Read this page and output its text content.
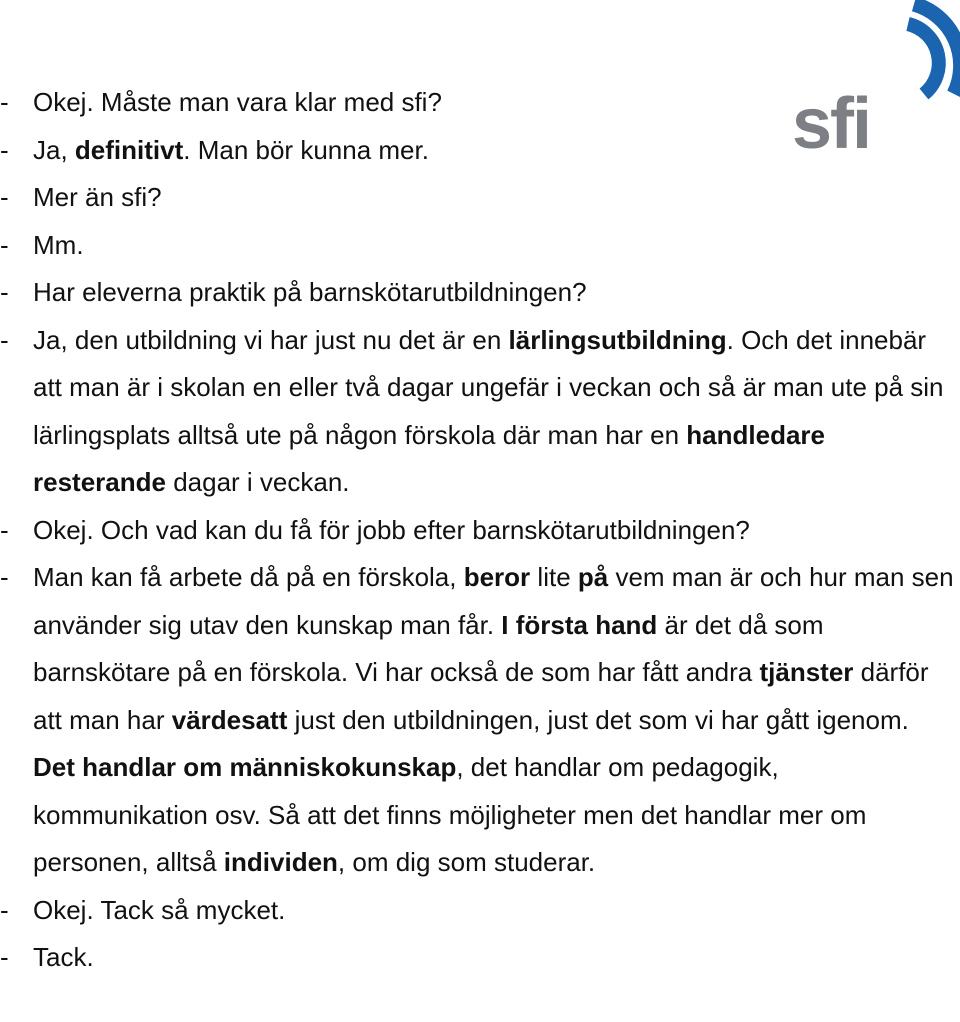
sfi
- Okej. Måste man vara klar med sfi?
- Ja, definitivt. Man bör kunna mer.
- Mer än sfi?
- Mm.
- Har eleverna praktik på barnskötarutbildningen?
- Ja, den utbildning vi har just nu det är en lärlingsutbildning. Och det innebär att man är i skolan en eller två dagar ungefär i veckan och så är man ute på sin lärlingsplats alltså ute på någon förskola där man har en handledare resterande dagar i veckan.
- Okej. Och vad kan du få för jobb efter barnskötarutbildningen?
- Man kan få arbete då på en förskola, beror lite på vem man är och hur man sen använder sig utav den kunskap man får. I första hand är det då som barnskötare på en förskola. Vi har också de som har fått andra tjänster därför att man har värdesatt just den utbildningen, just det som vi har gått igenom. Det handlar om människokunskap, det handlar om pedagogik, kommunikation osv. Så att det finns möjligheter men det handlar mer om personen, alltså individen, om dig som studerar.
- Okej. Tack så mycket.
- Tack.
